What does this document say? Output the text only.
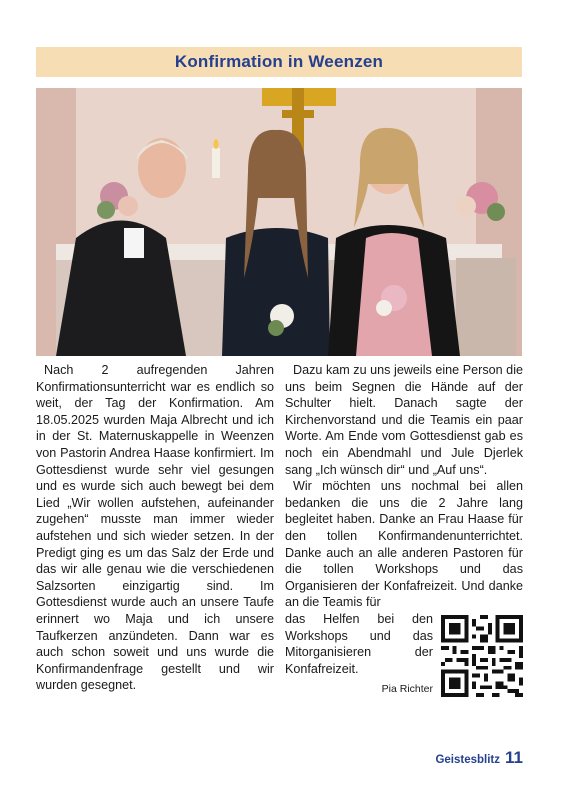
Konfirmation in Weenzen

Nach 2 aufregenden Jahren Konfirmationsunterricht war es endlich so weit, der Tag der Konfirmation. Am 18.05.2025 wurden Maja Albrecht und ich in der St. Maternuskappelle in Weenzen von Pastorin Andrea Haase konfirmiert. Im Gottesdienst wurde sehr viel gesungen und es wurde sich auch bewegt bei dem Lied „Wir wollen aufstehen, aufeinander zugehen“ musste man immer wieder aufstehen und sich wieder setzen. In der Predigt ging es um das Salz der Erde und das wir alle genau wie die verschiedenen Salzsorten einzigartig sind. Im Gottesdienst wurde auch an unsere Taufe erinnert wo Maja und ich unsere Taufkerzen anzündeten. Dann war es auch schon soweit und uns wurde die Konfirmandenfrage gestellt und wir wurden gesegnet.

Dazu kam zu uns jeweils eine Person die uns beim Segnen die Hände auf der Schulter hielt. Danach sagte der Kirchenvorstand und die Teamis ein paar Worte. Am Ende vom Gottesdienst gab es noch ein Abendmahl und Jule Djerlek sang „Ich wünsch dir“ und „Auf uns“.

Wir möchten uns nochmal bei allen bedanken die uns die 2 Jahre lang begleitet haben. Danke an Frau Haase für den tollen Konfirmandenunterrichtet. Danke auch an alle anderen Pastoren für die tollen Workshops und das Organisieren der Konfafreizeit. Und danke an die Teamis für

das Helfen bei den Workshops und das Mitorganisieren der Konfafreizeit.
Pia Richter
Geistesblitz 11
